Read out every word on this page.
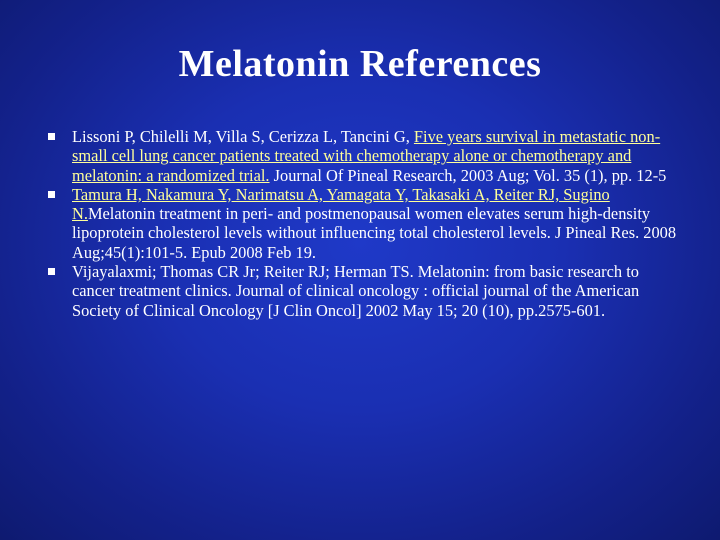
Melatonin References
Lissoni P, Chilelli M, Villa S, Cerizza L, Tancini G, Five years survival in metastatic non-small cell lung cancer patients treated with chemotherapy alone or chemotherapy and melatonin: a randomized trial. Journal Of Pineal Research, 2003 Aug; Vol. 35 (1), pp. 12-5
Tamura H, Nakamura Y, Narimatsu A, Yamagata Y, Takasaki A, Reiter RJ, Sugino N.Melatonin treatment in peri- and postmenopausal women elevates serum high-density lipoprotein cholesterol levels without influencing total cholesterol levels. J Pineal Res. 2008 Aug;45(1):101-5. Epub 2008 Feb 19.
Vijayalaxmi; Thomas CR Jr; Reiter RJ; Herman TS. Melatonin: from basic research to cancer treatment clinics. Journal of clinical oncology : official journal of the American Society of Clinical Oncology [J Clin Oncol] 2002 May 15; 20 (10), pp.2575-601.
